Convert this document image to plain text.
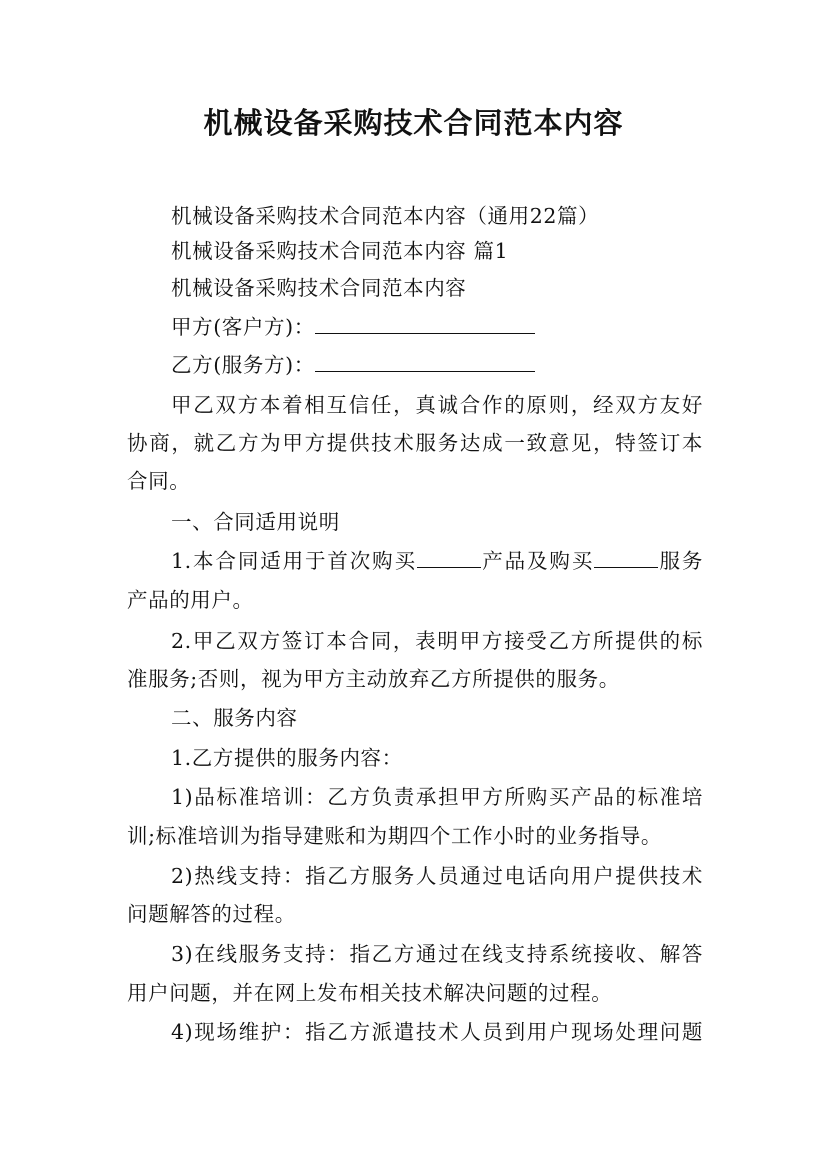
机械设备采购技术合同范本内容
机械设备采购技术合同范本内容（通用22篇）
机械设备采购技术合同范本内容 篇1
机械设备采购技术合同范本内容
甲方(客户方)：
乙方(服务方)：
甲乙双方本着相互信任，真诚合作的原则，经双方友好
协商，就乙方为甲方提供技术服务达成一致意见，特签订本
合同。
一、合同适用说明
1.本合同适用于首次购买	产品及购买	服务
产品的用户。
2.甲乙双方签订本合同，表明甲方接受乙方所提供的标
准服务;否则，视为甲方主动放弃乙方所提供的服务。
二、服务内容
1.乙方提供的服务内容：
1)品标准培训：乙方负责承担甲方所购买产品的标准培
训;标准培训为指导建账和为期四个工作小时的业务指导。
2)热线支持：指乙方服务人员通过电话向用户提供技术
问题解答的过程。
3)在线服务支持：指乙方通过在线支持系统接收、解答
用户问题，并在网上发布相关技术解决问题的过程。
4)现场维护：指乙方派遣技术人员到用户现场处理问题
